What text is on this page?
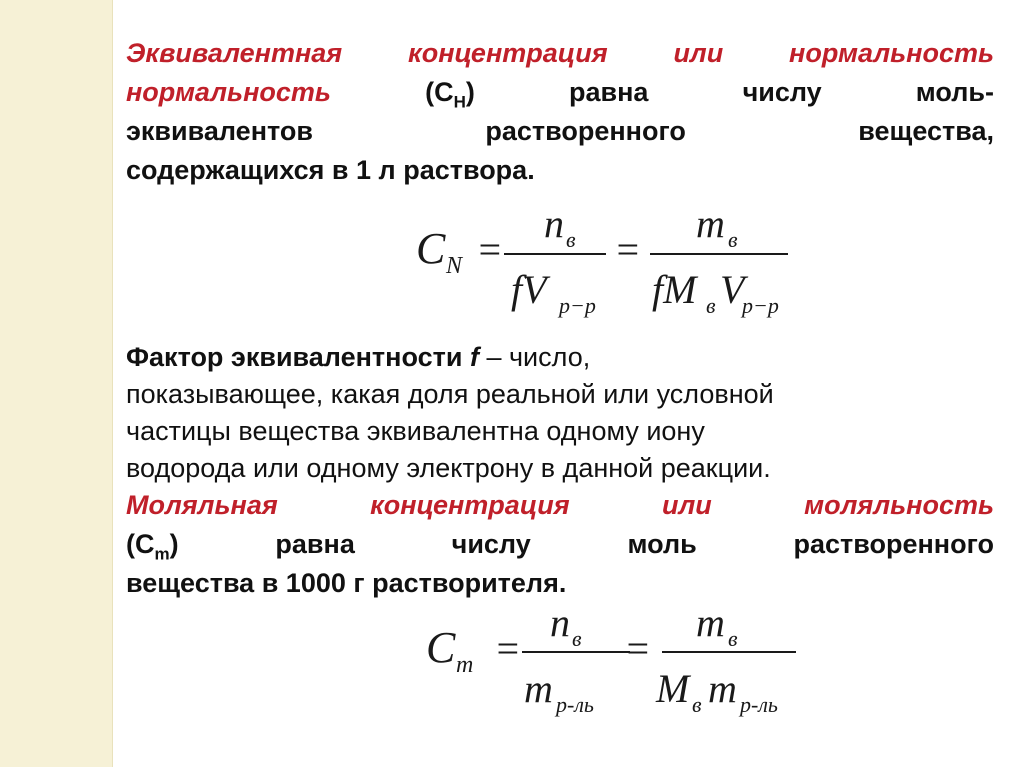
Эквивалентная концентрация или нормальность
нормальность	$(С_Н)$	равна числу моль-
эквивалентов растворенного вещества,
содержащихся в 1 л раствора.
C N =
n в
fV р−р
=
m в
fM в V
р−р
Фактор эквивалентности f – число,
показывающее, какая доля реальной или условной
частицы вещества эквивалентна одному иону
водорода или одному электрону в данной реакции.
Моляльная концентрация	или	моляльность
$(С_m)$	равна числу моль растворенного
вещества в 1000 г растворителя.
C m =
n в
m р-ль
=
m в
M в m р-ль
